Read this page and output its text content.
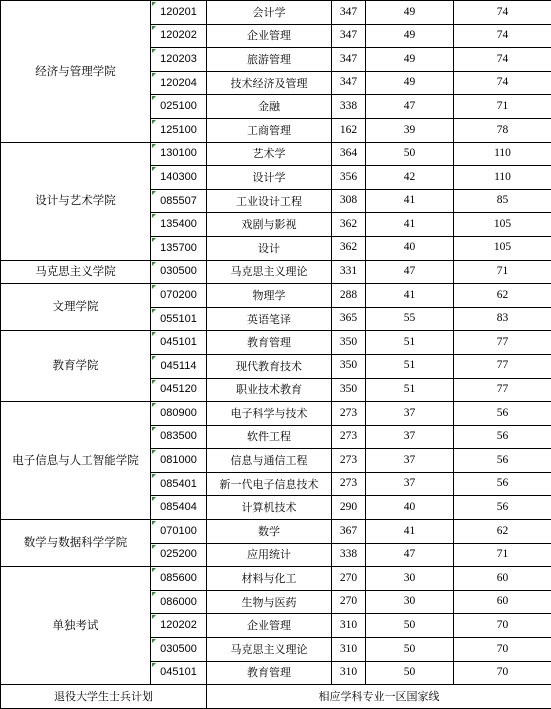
经济与管理学院	120201	会计学	347	49	74
	120202	企业管理	347	49	74
	120203	旅游管理	347	49	74
	120204	技术经济及管理	347	49	74
	025100	金融	338	47	71
	125100	工商管理	162	39	78
设计与艺术学院	130100	艺术学	364	50	110
	140300	设计学	356	42	110
	085507	工业设计工程	308	41	85
	135400	戏剧与影视	362	41	105
	135700	设计	362	40	105
马克思主义学院	030500	马克思主义理论	331	47	71
文理学院	070200	物理学	288	41	62
	055101	英语笔译	365	55	83
教育学院	045101	教育管理	350	51	77
	045114	现代教育技术	350	51	77
	045120	职业技术教育	350	51	77
电子信息与人工智能学院	080900	电子科学与技术	273	37	56
	083500	软件工程	273	37	56
	081000	信息与通信工程	273	37	56
	085401	新一代电子信息技术	273	37	56
	085404	计算机技术	290	40	56
数学与数据科学学院	070100	数学	367	41	62
	025200	应用统计	338	47	71
单独考试	085600	材料与化工	270	30	60
	086000	生物与医药	270	30	60
	120202	企业管理	310	50	70
	030500	马克思主义理论	310	50	70
	045101	教育管理	310	50	70
退役大学生士兵计划		相应学科专业一区国家线			
